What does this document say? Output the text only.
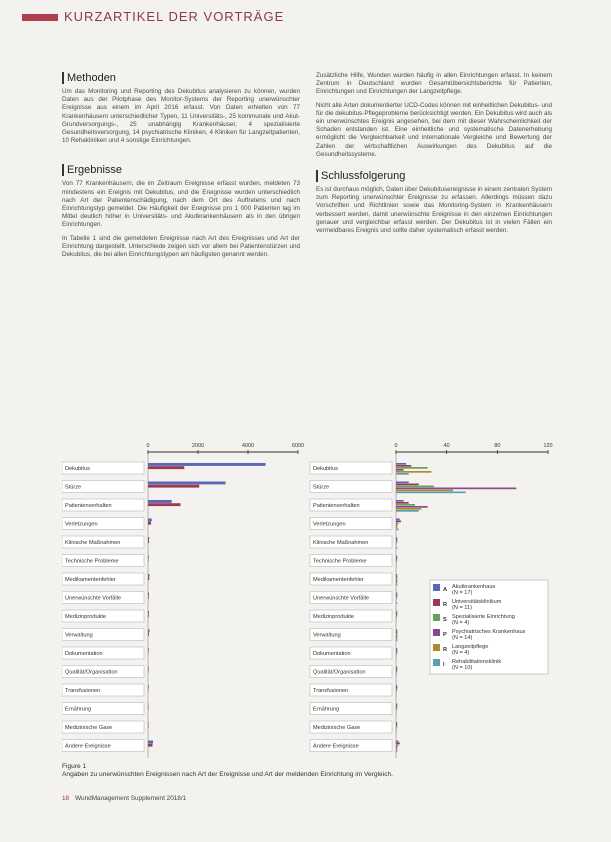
KURZARTIKEL DER VORTRÄGE
Methoden

Um das Monitoring und Reporting des Dekubitus analysieren zu können, wurden Daten aus der Pilotphase des Monitor-Systems der Reporting unerwünschter Ereignisse aus einem im April 2016 erfasst. Von Daten erhielten von 77 Krankenhäusern unterschiedlicher Typen, 11 Universitäts-, 25 kommunale und Akut-Grundversorgungs-, 25 unabhängig Krankenhäuser, 4 spezialisierte Gesundheitsversorgung, 14 psychiatrische Kliniken, 4 Kliniken für Langzeitpatienten, 10 Rehakliniken und 4 sonstige Einrichtungen.

Ergebnisse

Von 77 Krankenhäusern, die im Zeitraum Ereignisse erfasst wurden, meldeten 73 mindestens ein Ereignis mit Dekubitus, und die Ereignisse wurden unterschiedlich nach Art der Patientenschädigung, nach dem Ort des Auftretens und nach Einrichtungstyp gemeldet. Die Häufigkeit der Ereignisse pro 1 000 Patienten lag im Mittel deutlich höher in Universitäts- und Akutkrankenhäusern als in den übrigen Einrichtungen.

In Tabelle 1 sind die gemeldeten Ereignisse nach Art des Ereignisses und Art der Einrichtung dargestellt. Unterschiede zeigen sich vor allem bei Patientenstürzen und Dekubitus, die bei allen Einrichtungstypen am häufigsten genannt werden.

Zusätzliche Hilfe, Wunden wurden häufig in allen Einrichtungen erfasst. In keinem Zentrum in Deutschland wurden Gesamtübersichtsberichte für Patienten, Einrichtungen und Einrichtungen der Langzeitpflege.

Nicht alle Arten dokumentierter UCD-Codes können mit einheitlichen Dekubitus- und für die dekubitus-Pflegeprobleme berücksichtigt werden. Ein Dekubitus wird auch als ein unerwünschtes Ereignis angesehen, bei dem mit dieser Wahrscheinlichkeit der Schaden entstanden ist. Eine einheitliche und systematische Datenerhebung ermöglicht die Vergleichbarkeit und internationale Vergleiche und Bewertung der Zahlen der wirtschaftlichen Auswirkungen des Dekubitus auf die Gesundheitssysteme.

Schlussfolgerung

Es ist durchaus möglich, Daten über Dekubitusereignisse in einem zentralen System zum Reporting unerwünschter Ereignisse zu erfassen. Allerdings müssen dazu Vorschriften und Richtlinien sowie das Monitoring-System in Krankenhäusern verbessert werden, damit unerwünschte Ereignisse in den einzelnen Einrichtungen genauer und vergleichbar erfasst werden. Der Dekubitus ist in vielen Fällen ein vermeidbares Ereignis und sollte daher systematisch erfasst werden.

0	2000	4000	6000
Dekubitus
Stürze
Patientenverhalten
Verletzungen
Klinische Maßnahmen
Technische Probleme
Medikamentenfehler
Unerwünschte Vorfälle
Medizinprodukte
Verwaltung
Dokumentation
Qualität/Organisation
Transfusionen
Ernährung
Medizinische Gase
Andere Ereignisse
0	40	80	120
Dekubitus
Stürze
Patientenverhalten
Verletzungen
Klinische Maßnahmen
Technische Probleme
Medikamentenfehler
Unerwünschte Vorfälle
Medizinprodukte
Verwaltung
Dokumentation
Qualität/Organisation
Transfusionen
Ernährung
Medizinische Gase
Andere Ereignisse
A Akutkrankenhaus
(N = 17)
R Universitätsklinikum
(N = 11)
S Spezialisierte Einrichtung
(N = 4)
P Psychiatrisches Krankenhaus
(N = 14)
R Langzeitpflege
(N = 4)
I Rehabilitationsklinik
(N = 10)
Figure 1
Angaben zu unerwünschten Ereignissen nach Art der Ereignisse und Art der meldenden Einrichtung im Vergleich.
18 WundManagement Supplement 2018/1
